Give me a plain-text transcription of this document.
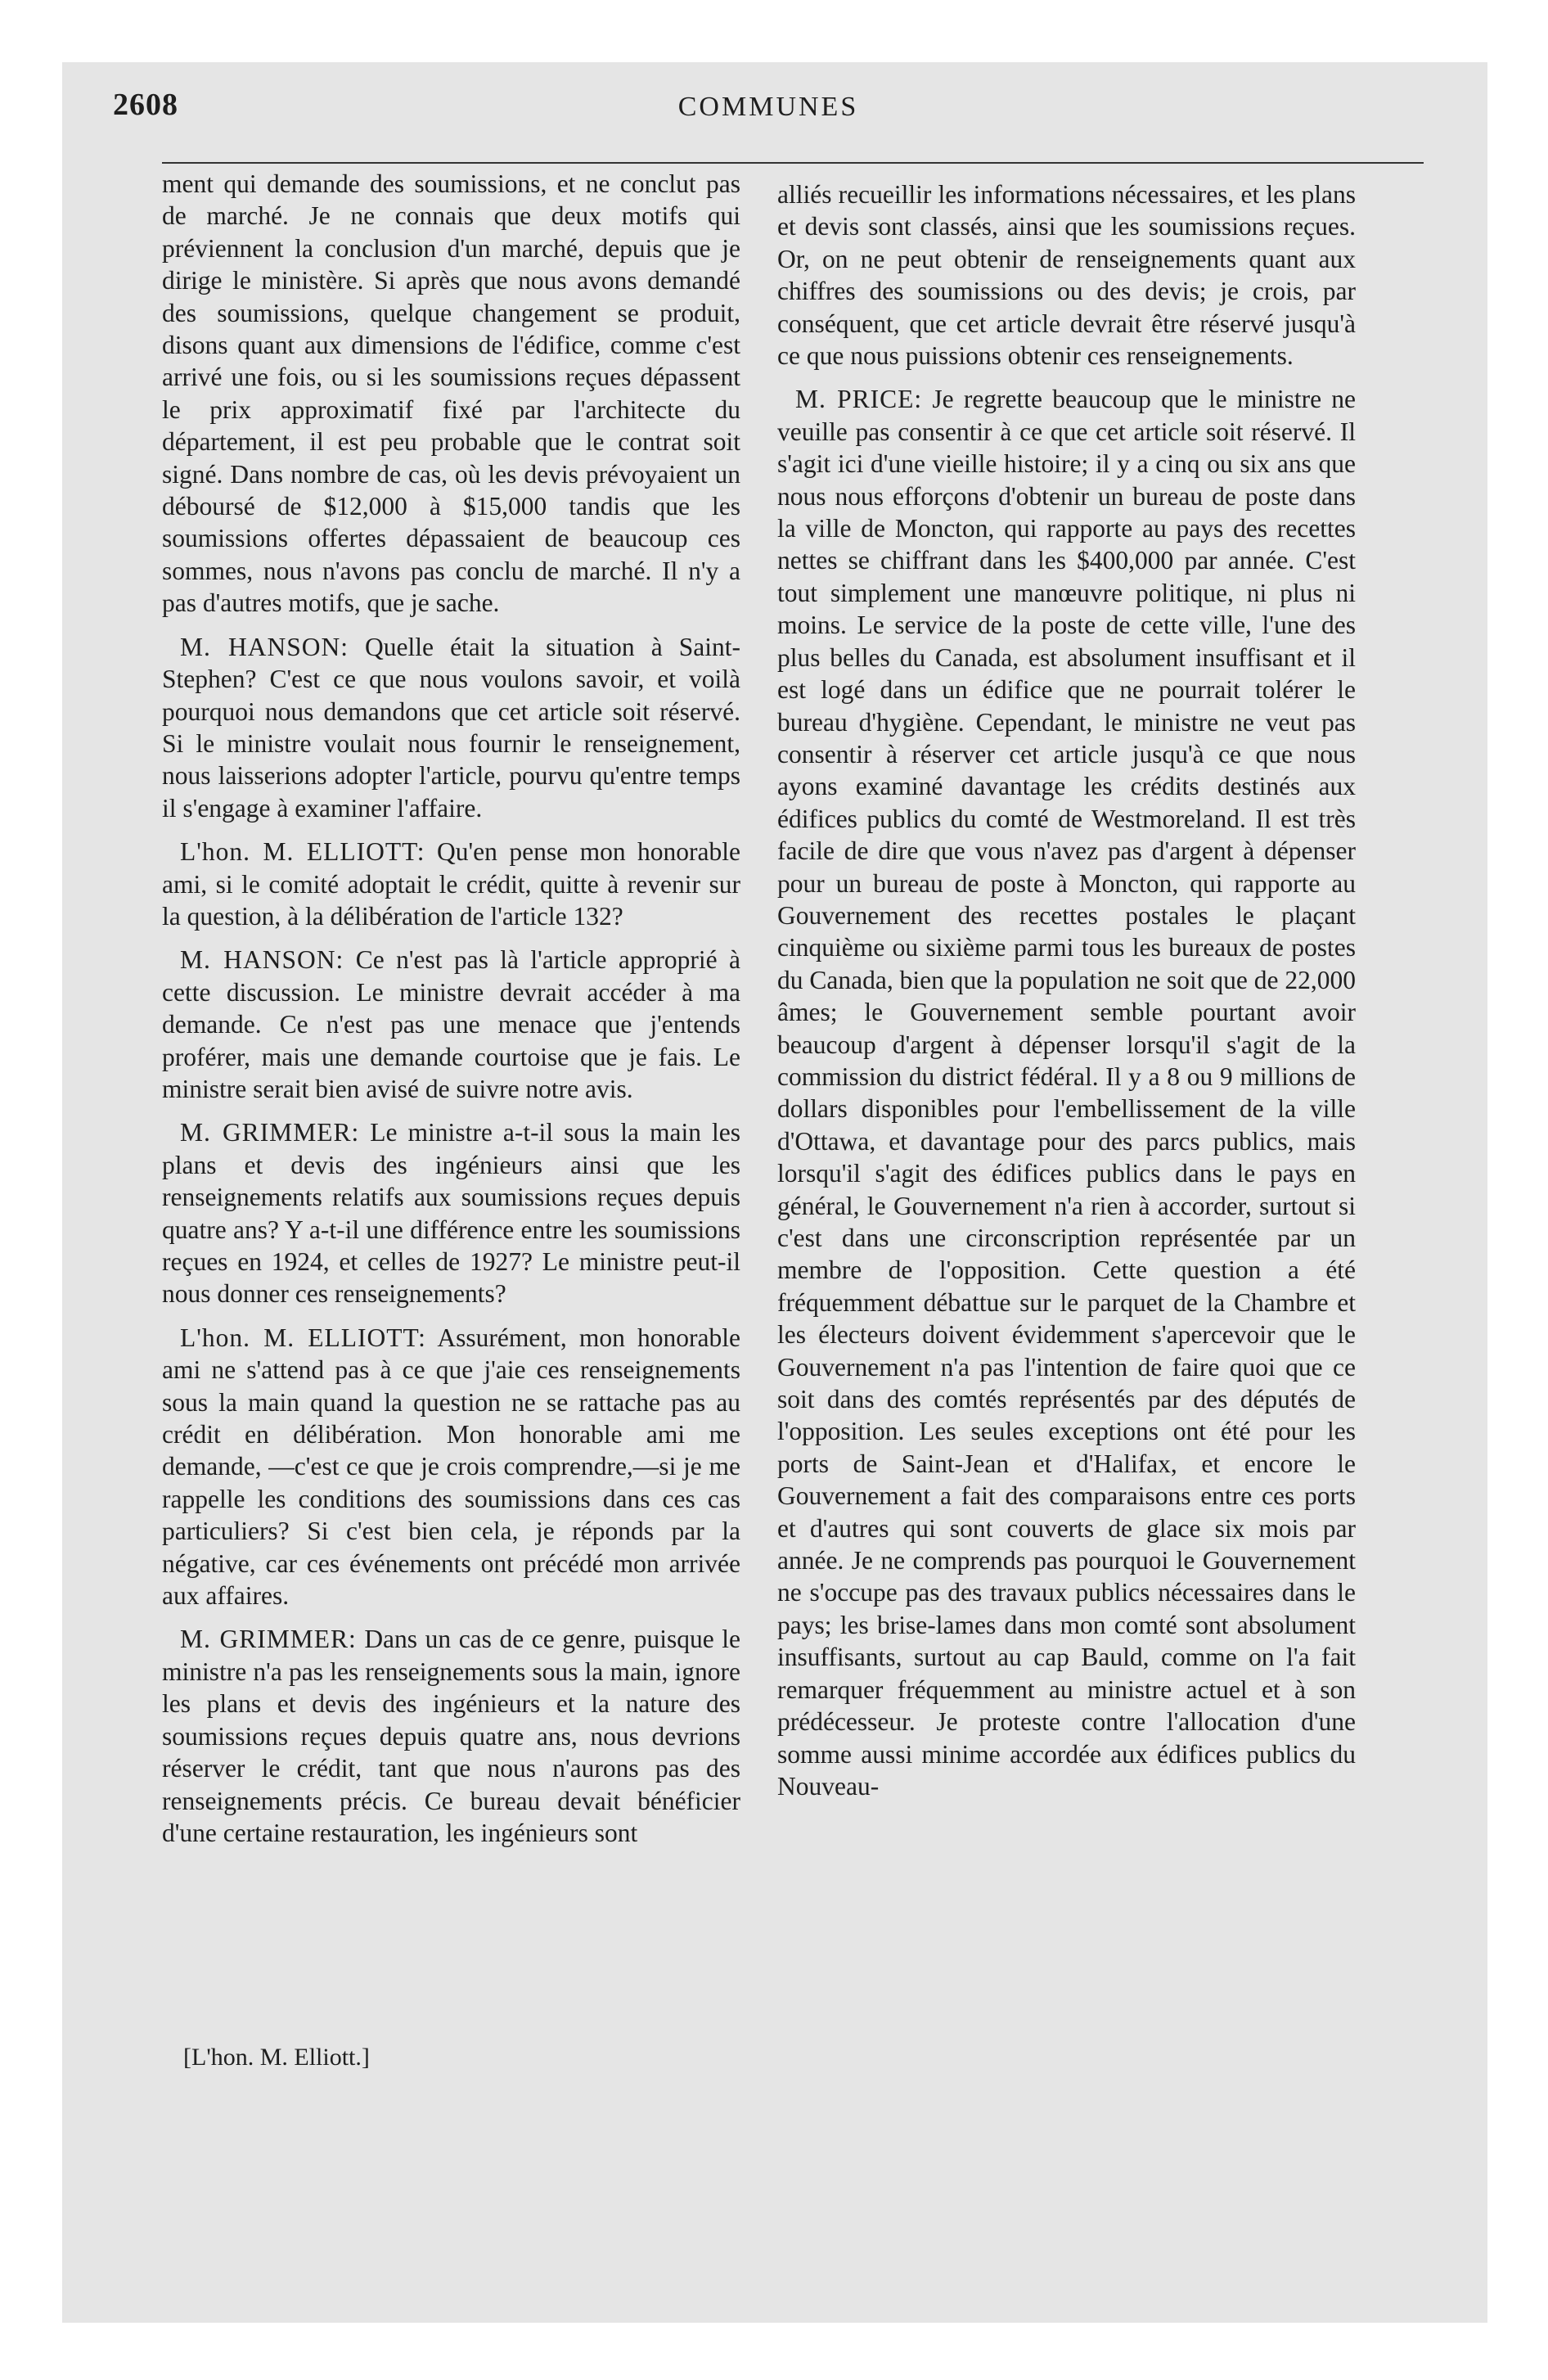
2608	COMMUNES

ment qui demande des soumissions, et ne conclut pas de marché. Je ne connais que deux motifs qui préviennent la conclusion d'un marché, depuis que je dirige le ministère. Si après que nous avons demandé des soumissions, quelque changement se produit, disons quant aux dimensions de l'édifice, comme c'est arrivé une fois, ou si les soumissions reçues dépassent le prix approximatif fixé par l'architecte du département, il est peu probable que le contrat soit signé. Dans nombre de cas, où les devis prévoyaient un déboursé de $12,000 à $15,000 tandis que les soumissions offertes dépassaient de beaucoup ces sommes, nous n'avons pas conclu de marché. Il n'y a pas d'autres motifs, que je sache.

M. HANSON: Quelle était la situation à Saint-Stephen? C'est ce que nous voulons savoir, et voilà pourquoi nous demandons que cet article soit réservé. Si le ministre voulait nous fournir le renseignement, nous laisserions adopter l'article, pourvu qu'entre temps il s'engage à examiner l'affaire.

L'hon. M. ELLIOTT: Qu'en pense mon honorable ami, si le comité adoptait le crédit, quitte à revenir sur la question, à la délibération de l'article 132?

M. HANSON: Ce n'est pas là l'article approprié à cette discussion. Le ministre devrait accéder à ma demande. Ce n'est pas une menace que j'entends proférer, mais une demande courtoise que je fais. Le ministre serait bien avisé de suivre notre avis.

M. GRIMMER: Le ministre a-t-il sous la main les plans et devis des ingénieurs ainsi que les renseignements relatifs aux soumissions reçues depuis quatre ans? Y a-t-il une différence entre les soumissions reçues en 1924, et celles de 1927? Le ministre peut-il nous donner ces renseignements?

L'hon. M. ELLIOTT: Assurément, mon honorable ami ne s'attend pas à ce que j'aie ces renseignements sous la main quand la question ne se rattache pas au crédit en délibération. Mon honorable ami me demande, —c'est ce que je crois comprendre,—si je me rappelle les conditions des soumissions dans ces cas particuliers? Si c'est bien cela, je réponds par la négative, car ces événements ont précédé mon arrivée aux affaires.

M. GRIMMER: Dans un cas de ce genre, puisque le ministre n'a pas les renseignements sous la main, ignore les plans et devis des ingénieurs et la nature des soumissions reçues depuis quatre ans, nous devrions réserver le crédit, tant que nous n'aurons pas des renseignements précis. Ce bureau devait bénéficier d'une certaine restauration, les ingénieurs sont

[L'hon. M. Elliott.]

alliés recueillir les informations nécessaires, et les plans et devis sont classés, ainsi que les soumissions reçues. Or, on ne peut obtenir de renseignements quant aux chiffres des soumissions ou des devis; je crois, par conséquent, que cet article devrait être réservé jusqu'à ce que nous puissions obtenir ces renseignements.

M. PRICE: Je regrette beaucoup que le ministre ne veuille pas consentir à ce que cet article soit réservé. Il s'agit ici d'une vieille histoire; il y a cinq ou six ans que nous nous efforçons d'obtenir un bureau de poste dans la ville de Moncton, qui rapporte au pays des recettes nettes se chiffrant dans les $400,000 par année. C'est tout simplement une manœuvre politique, ni plus ni moins. Le service de la poste de cette ville, l'une des plus belles du Canada, est absolument insuffisant et il est logé dans un édifice que ne pourrait tolérer le bureau d'hygiène. Cependant, le ministre ne veut pas consentir à réserver cet article jusqu'à ce que nous ayons examiné davantage les crédits destinés aux édifices publics du comté de Westmoreland. Il est très facile de dire que vous n'avez pas d'argent à dépenser pour un bureau de poste à Moncton, qui rapporte au Gouvernement des recettes postales le plaçant cinquième ou sixième parmi tous les bureaux de postes du Canada, bien que la population ne soit que de 22,000 âmes; le Gouvernement semble pourtant avoir beaucoup d'argent à dépenser lorsqu'il s'agit de la commission du district fédéral. Il y a 8 ou 9 millions de dollars disponibles pour l'embellissement de la ville d'Ottawa, et davantage pour des parcs publics, mais lorsqu'il s'agit des édifices publics dans le pays en général, le Gouvernement n'a rien à accorder, surtout si c'est dans une circonscription représentée par un membre de l'opposition. Cette question a été fréquemment débattue sur le parquet de la Chambre et les électeurs doivent évidemment s'apercevoir que le Gouvernement n'a pas l'intention de faire quoi que ce soit dans des comtés représentés par des députés de l'opposition. Les seules exceptions ont été pour les ports de Saint-Jean et d'Halifax, et encore le Gouvernement a fait des comparaisons entre ces ports et d'autres qui sont couverts de glace six mois par année. Je ne comprends pas pourquoi le Gouvernement ne s'occupe pas des travaux publics nécessaires dans le pays; les brise-lames dans mon comté sont absolument insuffisants, surtout au cap Bauld, comme on l'a fait remarquer fréquemment au ministre actuel et à son prédécesseur. Je proteste contre l'allocation d'une somme aussi minime accordée aux édifices publics du Nouveau-
